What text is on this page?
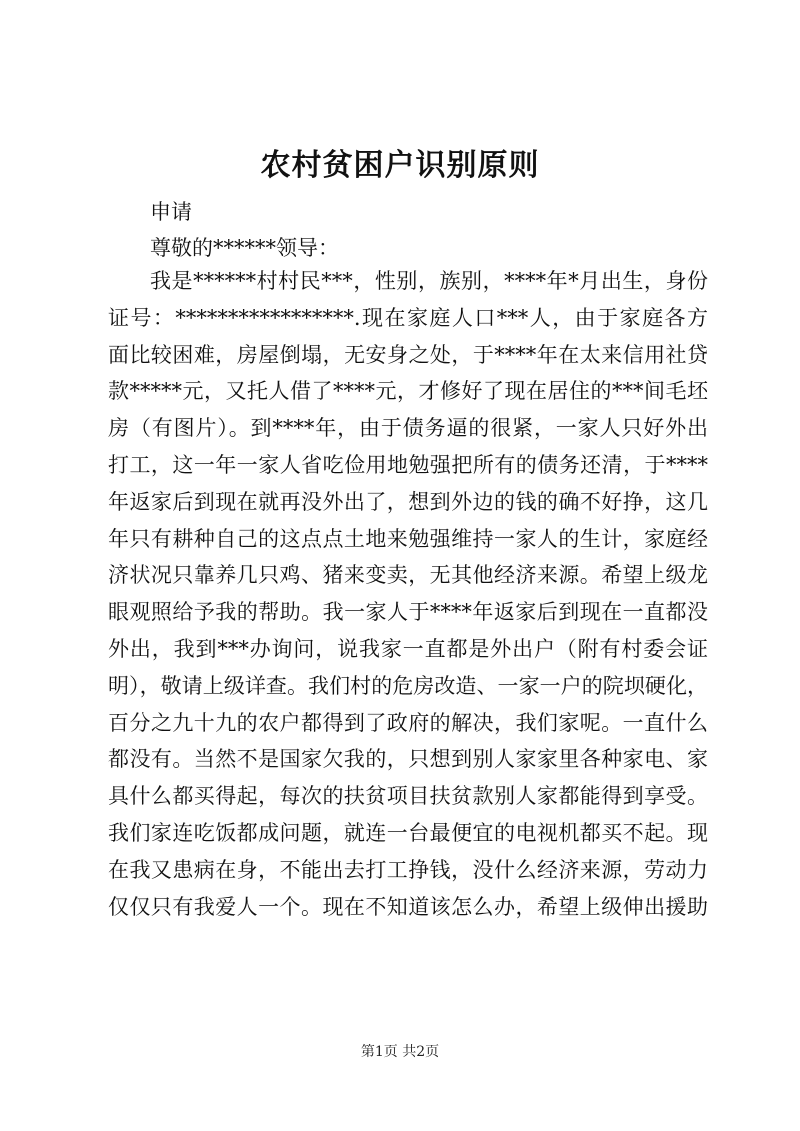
农村贫困户识别原则
申请
尊敬的******领导：
我是******村村民***，性别，族别，****年*月出生，身份
证号：*****************.现在家庭人口***人，由于家庭各方
面比较困难，房屋倒塌，无安身之处，于****年在太来信用社贷
款*****元，又托人借了****元，才修好了现在居住的***间毛坯
房（有图片）。到****年，由于债务逼的很紧，一家人只好外出
打工，这一年一家人省吃俭用地勉强把所有的债务还清，于****
年返家后到现在就再没外出了，想到外边的钱的确不好挣，这几
年只有耕种自己的这点点土地来勉强维持一家人的生计，家庭经
济状况只靠养几只鸡、猪来变卖，无其他经济来源。希望上级龙
眼观照给予我的帮助。我一家人于****年返家后到现在一直都没
外出，我到***办询问，说我家一直都是外出户（附有村委会证
明），敬请上级详查。我们村的危房改造、一家一户的院坝硬化，
百分之九十九的农户都得到了政府的解决，我们家呢。一直什么
都没有。当然不是国家欠我的，只想到别人家家里各种家电、家
具什么都买得起，每次的扶贫项目扶贫款别人家都能得到享受。
我们家连吃饭都成问题，就连一台最便宜的电视机都买不起。现
在我又患病在身，不能出去打工挣钱，没什么经济来源，劳动力
仅仅只有我爱人一个。现在不知道该怎么办，希望上级伸出援助
第1页 共2页
